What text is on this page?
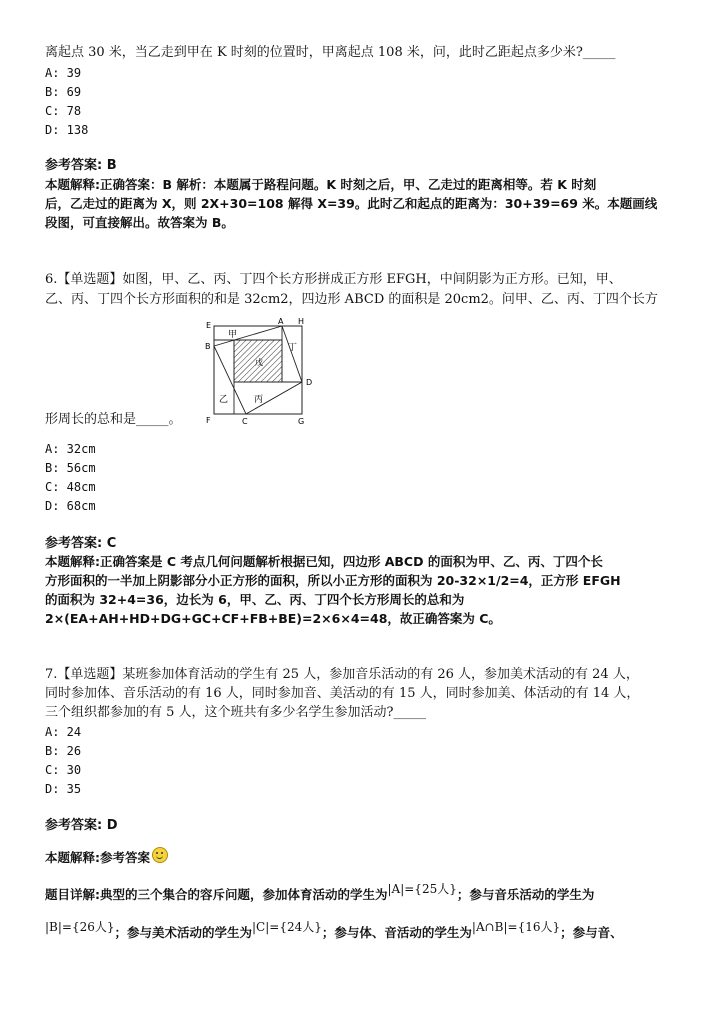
离起点 30 米，当乙走到甲在 K 时刻的位置时，甲离起点 108 米，问，此时乙距起点多少米?_____
A: 39
B: 69
C: 78
D: 138
参考答案: B
本题解释:正确答案：B 解析：本题属于路程问题。K 时刻之后，甲、乙走过的距离相等。若 K 时刻
后，乙走过的距离为 X，则 2X+30=108 解得 X=39。此时乙和起点的距离为：30+39=69 米。本题画线
段图，可直接解出。故答案为 B。
6.【单选题】如图，甲、乙、丙、丁四个长方形拼成正方形 EFGH，中间阴影为正方形。已知，甲、
乙、丙、丁四个长方形面积的和是 32cm2，四边形 ABCD 的面积是 20cm2。问甲、乙、丙、丁四个长方
E	A H
B
D
F	C	G
甲
丁
乙	丙
戊
形周长的总和是_____。
A: 32cm
B: 56cm
C: 48cm
D: 68cm
参考答案: C
本题解释:正确答案是 C 考点几何问题解析根据已知，四边形 ABCD 的面积为甲、乙、丙、丁四个长
方形面积的一半加上阴影部分小正方形的面积，所以小正方形的面积为 20-32×1/2=4，正方形 EFGH
的面积为 32+4=36，边长为 6，甲、乙、丙、丁四个长方形周长的总和为
2×(EA+AH+HD+DG+GC+CF+FB+BE)=2×6×4=48，故正确答案为 C。
7.【单选题】某班参加体育活动的学生有 25 人，参加音乐活动的有 26 人，参加美术活动的有 24 人，
同时参加体、音乐活动的有 16 人，同时参加音、美活动的有 15 人，同时参加美、体活动的有 14 人，
三个组织都参加的有 5 人，这个班共有多少名学生参加活动?_____
A: 24
B: 26
C: 30
D: 35
参考答案: D
本题解释:参考答案
题目详解:典型的三个集合的容斥问题，参加体育活动的学生为|A|={25人}；参与音乐活动的学生为
|B|={26人}；参与美术活动的学生为|C|={24人}；参与体、音活动的学生为|A∩B|={16人}；参与音、
